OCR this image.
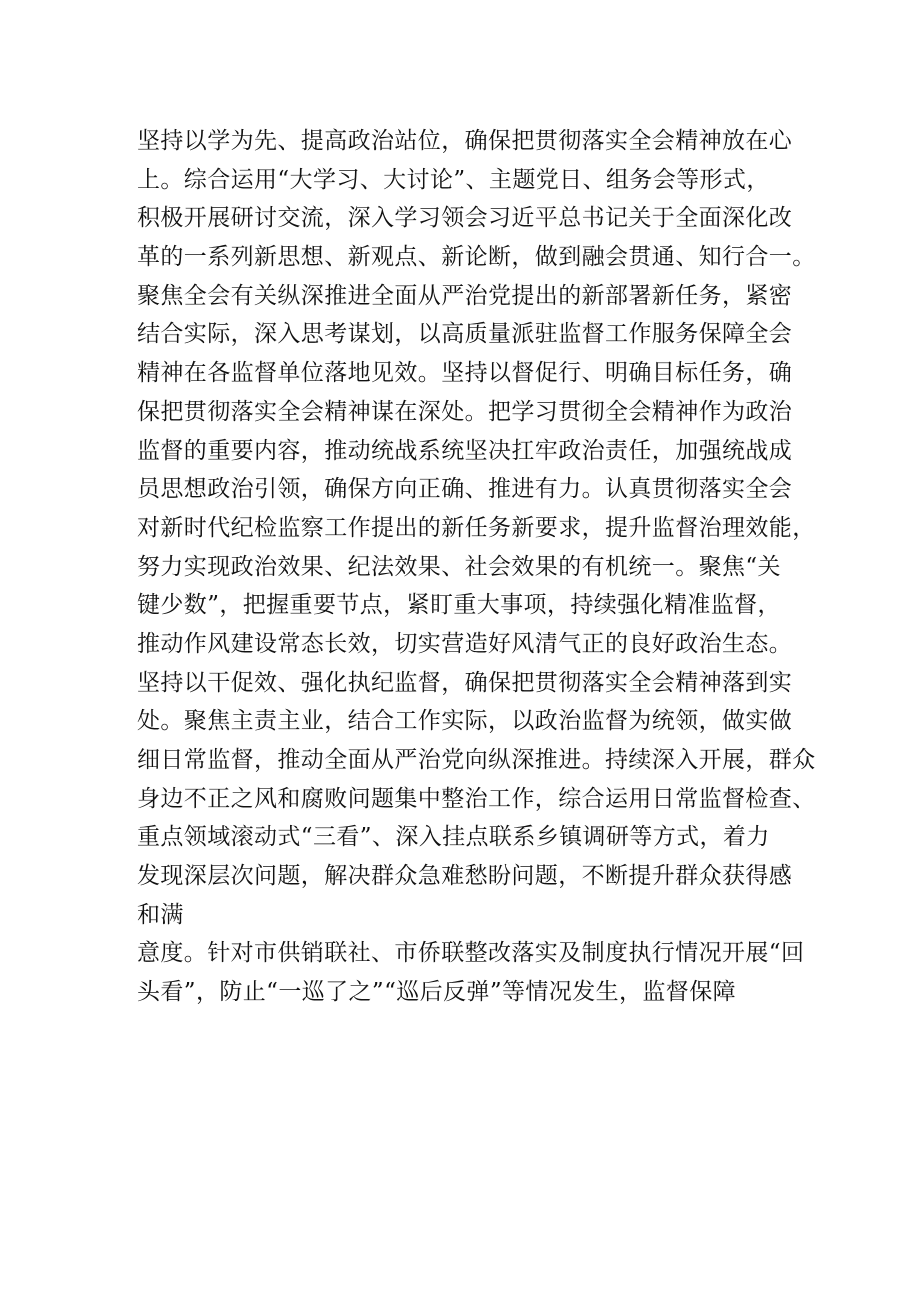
坚持以学为先、提高政治站位，确保把贯彻落实全会精神放在心
上。综合运用“大学习、大讨论”、主题党日、组务会等形式，
积极开展研讨交流，深入学习领会习近平总书记关于全面深化改
革的一系列新思想、新观点、新论断，做到融会贯通、知行合一。
聚焦全会有关纵深推进全面从严治党提出的新部署新任务，紧密
结合实际，深入思考谋划，以高质量派驻监督工作服务保障全会
精神在各监督单位落地见效。坚持以督促行、明确目标任务，确
保把贯彻落实全会精神谋在深处。把学习贯彻全会精神作为政治
监督的重要内容，推动统战系统坚决扛牢政治责任，加强统战成
员思想政治引领，确保方向正确、推进有力。认真贯彻落实全会
对新时代纪检监察工作提出的新任务新要求，提升监督治理效能，
努力实现政治效果、纪法效果、社会效果的有机统一。聚焦“关
键少数”，把握重要节点，紧盯重大事项，持续强化精准监督，
推动作风建设常态长效，切实营造好风清气正的良好政治生态。
坚持以干促效、强化执纪监督，确保把贯彻落实全会精神落到实
处。聚焦主责主业，结合工作实际，以政治监督为统领，做实做
细日常监督，推动全面从严治党向纵深推进。持续深入开展，群众
身边不正之风和腐败问题集中整治工作，综合运用日常监督检查、
重点领域滚动式“三看”、深入挂点联系乡镇调研等方式，着力
发现深层次问题，解决群众急难愁盼问题，不断提升群众获得感
和满
意度。针对市供销联社、市侨联整改落实及制度执行情况开展“回
头看”，防止“一巡了之”“巡后反弹”等情况发生，监督保障
